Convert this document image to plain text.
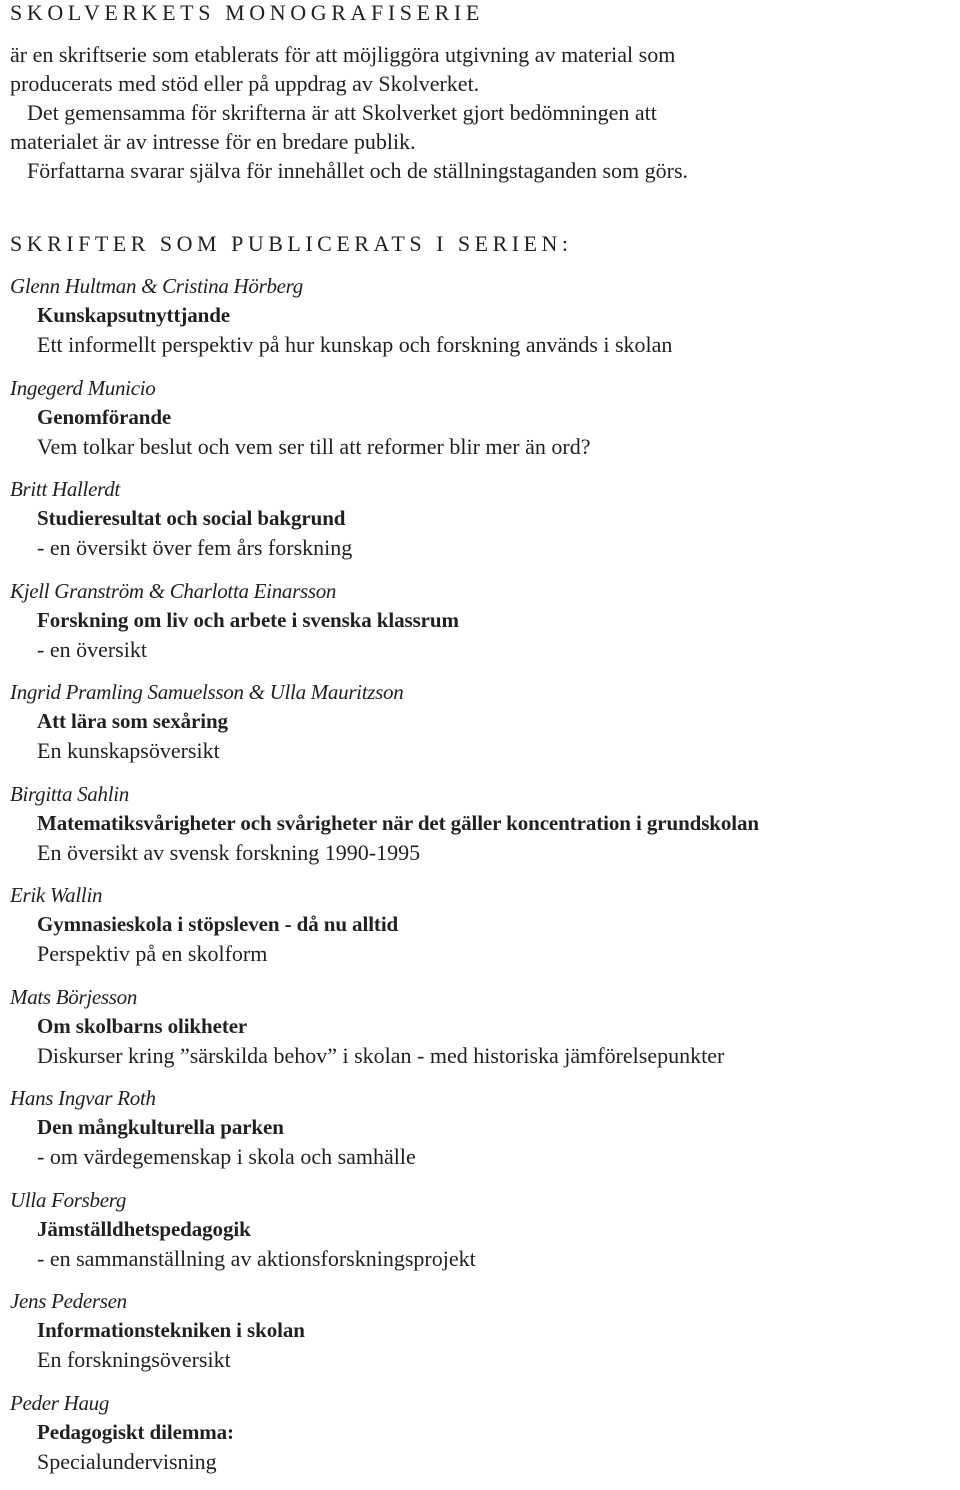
SKOLVERKETS MONOGRAFISERIE

är en skriftserie som etablerats för att möjliggöra utgivning av material som
producerats med stöd eller på uppdrag av Skolverket.
Det gemensamma för skrifterna är att Skolverket gjort bedömningen att
materialet är av intresse för en bredare publik.
Författarna svarar själva för innehållet och de ställningstaganden som görs.

SKRIFTER SOM PUBLICERATS I SERIEN:
Glenn Hultman & Cristina Hörberg
Kunskapsutnyttjande
Ett informellt perspektiv på hur kunskap och forskning används i skolan
Ingegerd Municio
Genomförande
Vem tolkar beslut och vem ser till att reformer blir mer än ord?
Britt Hallerdt
Studieresultat och social bakgrund
- en översikt över fem års forskning
Kjell Granström & Charlotta Einarsson
Forskning om liv och arbete i svenska klassrum
- en översikt
Ingrid Pramling Samuelsson & Ulla Mauritzson
Att lära som sexåring
En kunskapsöversikt
Birgitta Sahlin
Matematiksvårigheter och svårigheter när det gäller koncentration i grundskolan
En översikt av svensk forskning 1990-1995
Erik Wallin
Gymnasieskola i stöpsleven - då nu alltid
Perspektiv på en skolform
Mats Börjesson
Om skolbarns olikheter
Diskurser kring ”särskilda behov” i skolan - med historiska jämförelsepunkter
Hans Ingvar Roth
Den mångkulturella parken
- om värdegemenskap i skola och samhälle
Ulla Forsberg
Jämställdhetspedagogik
- en sammanställning av aktionsforskningsprojekt
Jens Pedersen
Informationstekniken i skolan
En forskningsöversikt
Peder Haug
Pedagogiskt dilemma:
Specialundervisning
